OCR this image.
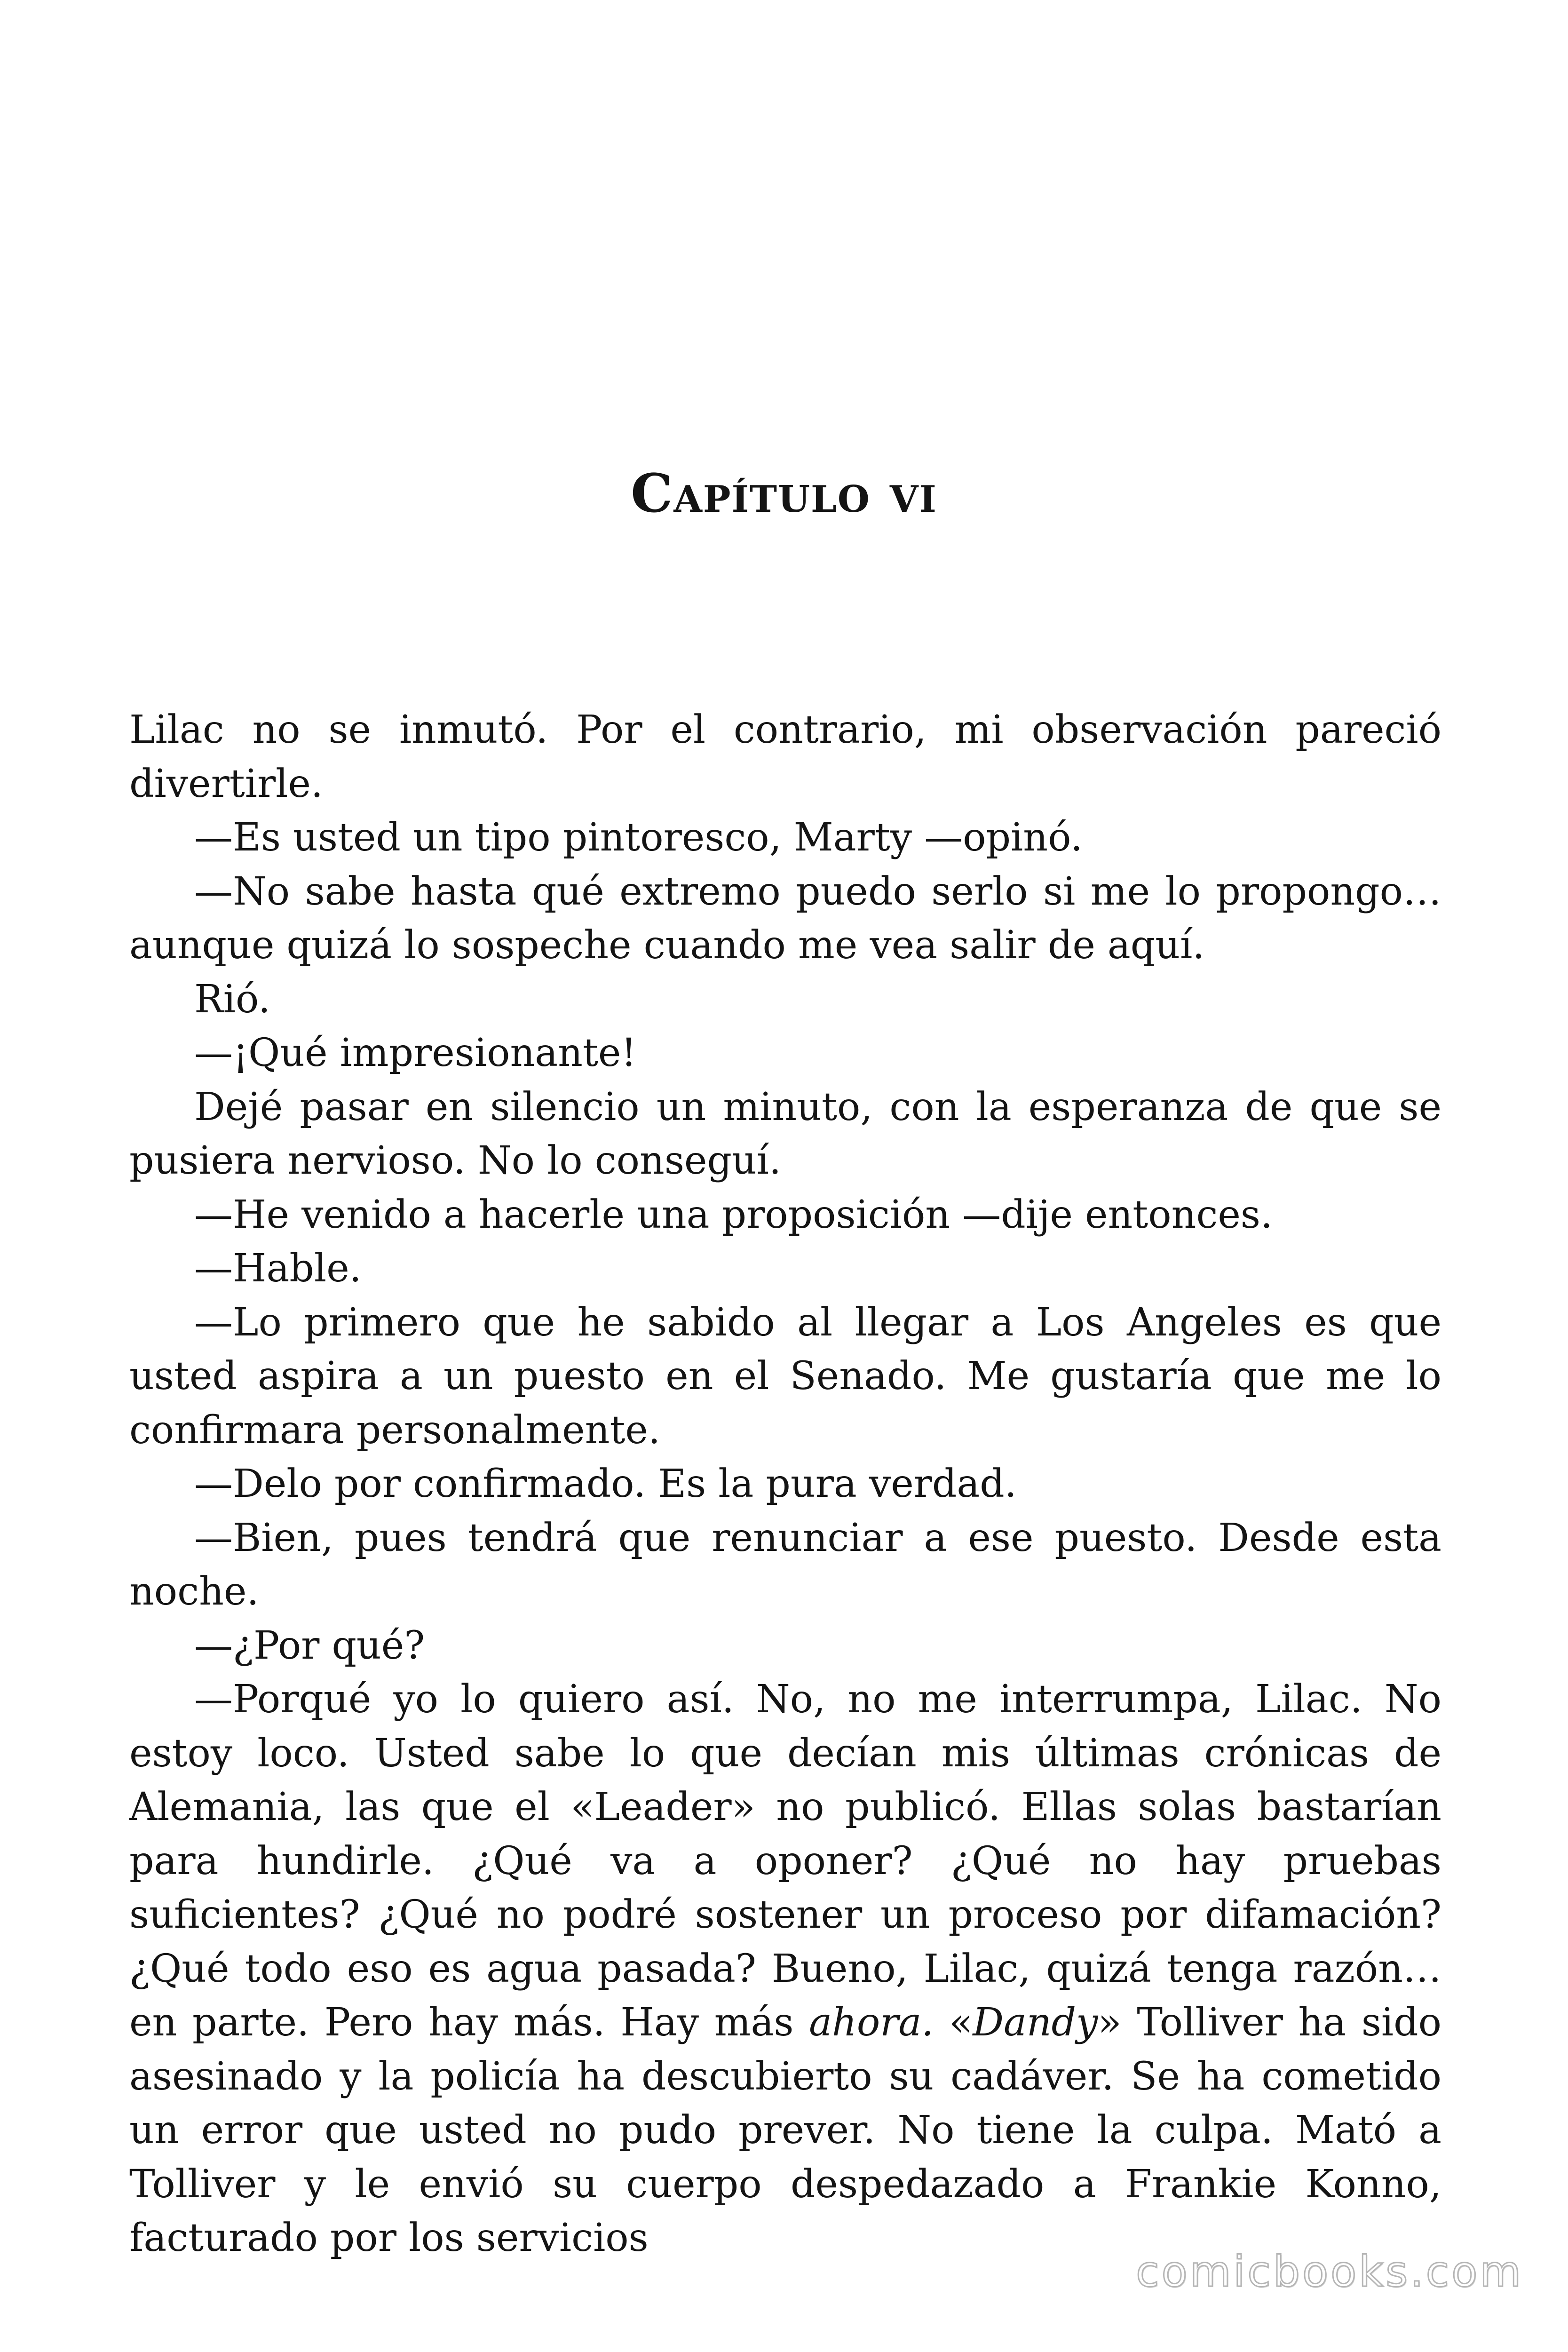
Capítulo vi

Lilac no se inmutó. Por el contrario, mi observación pareció divertirle.

—Es usted un tipo pintoresco, Marty —opinó.

—No sabe hasta qué extremo puedo serlo si me lo propongo… aunque quizá lo sospeche cuando me vea salir de aquí.

Rió.

—¡Qué impresionante!

Dejé pasar en silencio un minuto, con la esperanza de que se pusiera nervioso. No lo conseguí.

—He venido a hacerle una proposición —dije entonces.

—Hable.

—Lo primero que he sabido al llegar a Los Angeles es que usted aspira a un puesto en el Senado. Me gustaría que me lo confirmara personalmente.

—Delo por confirmado. Es la pura verdad.

—Bien, pues tendrá que renunciar a ese puesto. Desde esta noche.

—¿Por qué?

—Porqué yo lo quiero así. No, no me interrumpa, Lilac. No estoy loco. Usted sabe lo que decían mis últimas crónicas de Alemania, las que el «Leader» no publicó. Ellas solas bastarían para hundirle. ¿Qué va a oponer? ¿Qué no hay pruebas suficientes? ¿Qué no podré sostener un proceso por difamación? ¿Qué todo eso es agua pasada? Bueno, Lilac, quizá tenga razón… en parte. Pero hay más. Hay más ahora. «Dandy» Tolliver ha sido asesinado y la policía ha descubierto su cadáver. Se ha cometido un error que usted no pudo prever. No tiene la culpa. Mató a Tolliver y le envió su cuerpo despedazado a Frankie Konno, facturado por los servicios

comicbooks.com
